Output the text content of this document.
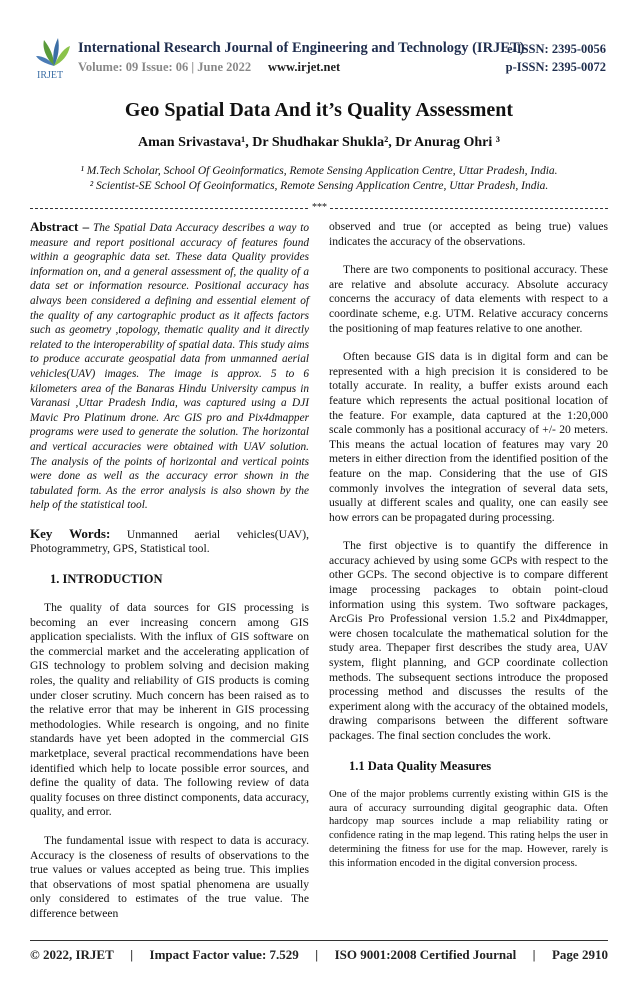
IRJET
International Research Journal of Engineering and Technology (IRJET)
Volume: 09 Issue: 06 | June 2022 www.irjet.net
e-ISSN: 2395-0056
p-ISSN: 2395-0072
Geo Spatial Data And it’s Quality Assessment
Aman Srivastava¹, Dr Shudhakar Shukla², Dr Anurag Ohri ³
¹ M.Tech Scholar, School Of Geoinformatics, Remote Sensing Application Centre, Uttar Pradesh, India.
² Scientist-SE School Of Geoinformatics, Remote Sensing Application Centre, Uttar Pradesh, India.
***

Abstract – The Spatial Data Accuracy describes a way to measure and report positional accuracy of features found within a geographic data set. These data Quality provides information on, and a general assessment of, the quality of a data set or information resource. Positional accuracy has always been considered a defining and essential element of the quality of any cartographic product as it affects factors such as geometry ,topology, thematic quality and it directly related to the interoperability of spatial data. This study aims to produce accurate geospatial data from unmanned aerial vehicles(UAV) images. The image is approx. 5 to 6 kilometers area of the Banaras Hindu University campus in Varanasi ,Uttar Pradesh India, was captured using a DJI Mavic Pro Platinum drone. Arc GIS pro and Pix4dmapper programs were used to generate the solution. The horizontal and vertical accuracies were obtained with UAV solution. The analysis of the points of horizontal and vertical points were done as well as the accuracy error shown in the tabulated form. As the error analysis is also shown by the help of the statistical tool.

Key Words: Unmanned aerial vehicles(UAV), Photogrammetry, GPS, Statistical tool.

1. INTRODUCTION

The quality of data sources for GIS processing is becoming an ever increasing concern among GIS application specialists. With the influx of GIS software on the commercial market and the accelerating application of GIS technology to problem solving and decision making roles, the quality and reliability of GIS products is coming under closer scrutiny. Much concern has been raised as to the relative error that may be inherent in GIS processing methodologies. While research is ongoing, and no finite standards have yet been adopted in the commercial GIS marketplace, several practical recommendations have been identified which help to locate possible error sources, and define the quality of data. The following review of data quality focuses on three distinct components, data accuracy, quality, and error.

The fundamental issue with respect to data is accuracy. Accuracy is the closeness of results of observations to the true values or values accepted as being true. This implies that observations of most spatial phenomena are usually only considered to estimates of the true value. The difference between

observed and true (or accepted as being true) values indicates the accuracy of the observations.

There are two components to positional accuracy. These are relative and absolute accuracy. Absolute accuracy concerns the accuracy of data elements with respect to a coordinate scheme, e.g. UTM. Relative accuracy concerns the positioning of map features relative to one another.

Often because GIS data is in digital form and can be represented with a high precision it is considered to be totally accurate. In reality, a buffer exists around each feature which represents the actual positional location of the feature. For example, data captured at the 1:20,000 scale commonly has a positional accuracy of +/- 20 meters. This means the actual location of features may vary 20 meters in either direction from the identified position of the feature on the map. Considering that the use of GIS commonly involves the integration of several data sets, usually at different scales and quality, one can easily see how errors can be propagated during processing.

The first objective is to quantify the difference in accuracy achieved by using some GCPs with respect to the other GCPs. The second objective is to compare different image processing packages to obtain point-cloud information using this system. Two software packages, ArcGis Pro Professional version 1.5.2 and Pix4dmapper, were chosen tocalculate the mathematical solution for the study area. Thepaper first describes the study area, UAV system, flight planning, and GCP coordinate collection methods. The subsequent sections introduce the proposed processing method and discusses the results of the experiment along with the accuracy of the obtained models, drawing comparisons between the different software packages. The final section concludes the work.

1.1 Data Quality Measures

One of the major problems currently existing within GIS is the aura of accuracy surrounding digital geographic data. Often hardcopy map sources include a map reliability rating or confidence rating in the map legend. This rating helps the user in determining the fitness for use for the map. However, rarely is this information encoded in the digital conversion process.

© 2022, IRJET | Impact Factor value: 7.529 | ISO 9001:2008 Certified Journal | Page 2910
